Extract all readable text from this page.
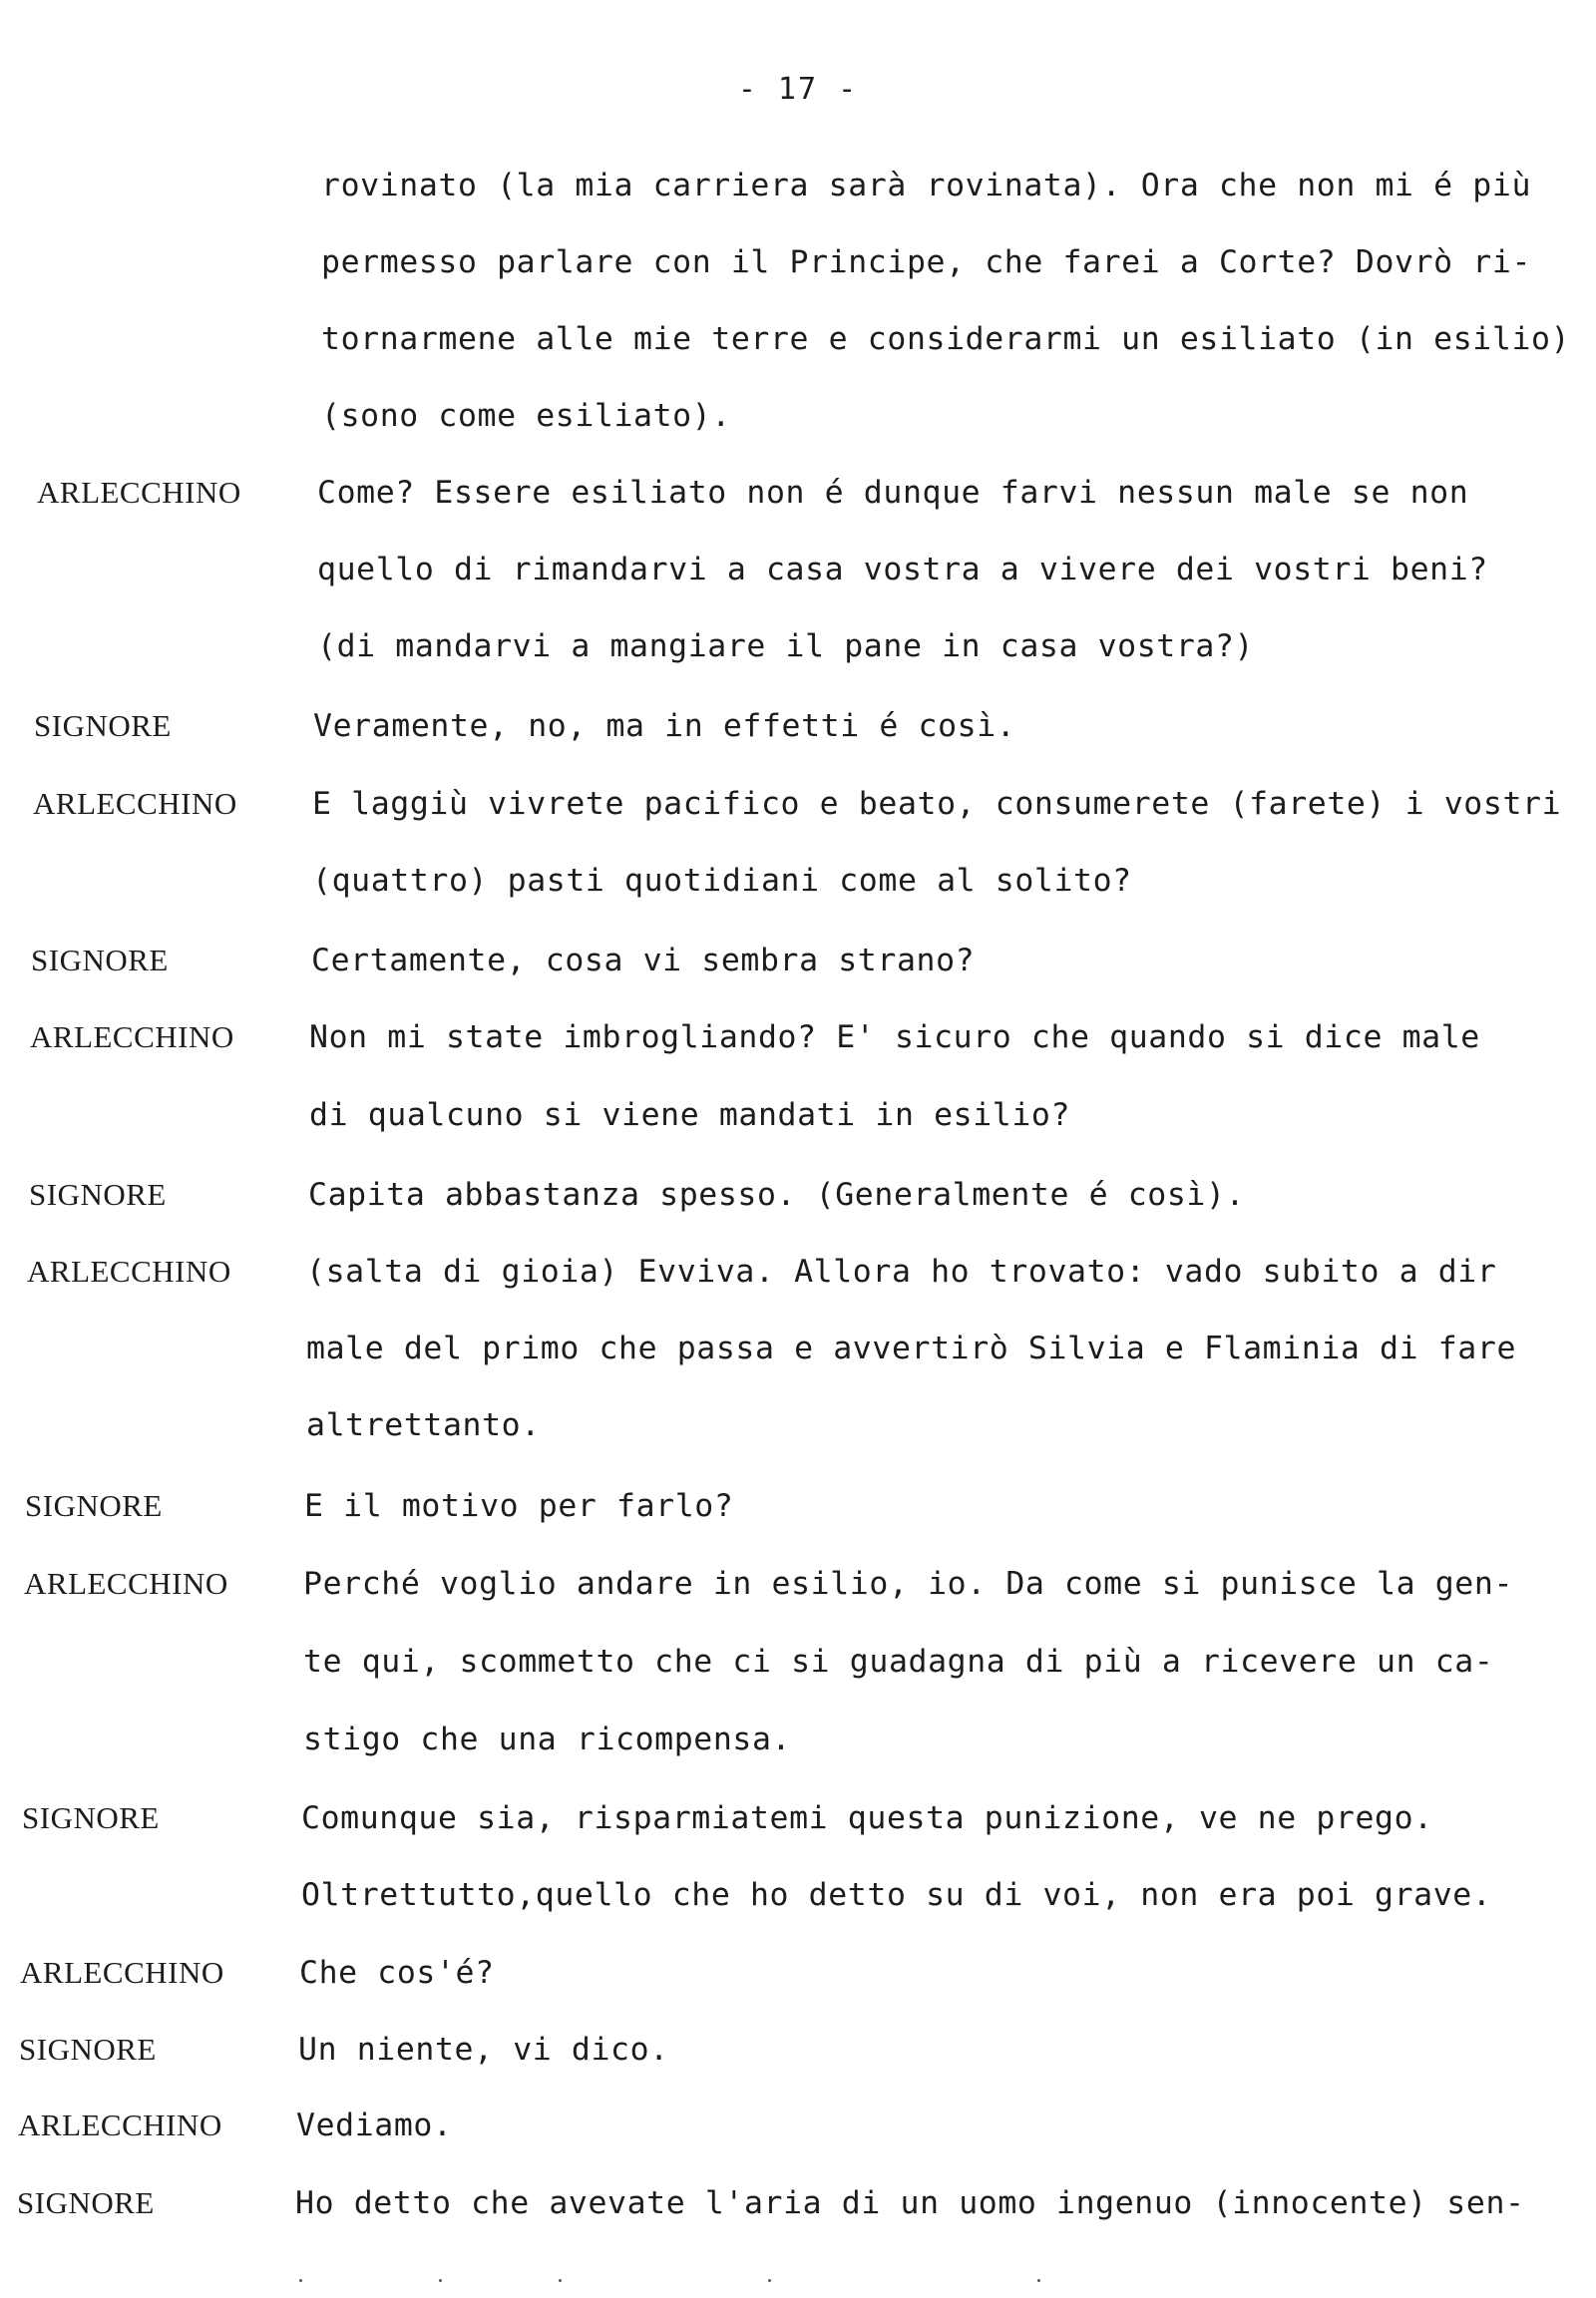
- 17 -
rovinato (la mia carriera sarà rovinata). Ora che non mi é più
permesso parlare con il Principe, che farei a Corte? Dovrò ri-
tornarmene alle mie terre e considerarmi un esiliato (in esilio)
(sono come esiliato).
ARLECCHINO Come? Essere esiliato non é dunque farvi nessun male se non
quello di rimandarvi a casa vostra a vivere dei vostri beni?
(di mandarvi a mangiare il pane in casa vostra?)
SIGNORE	Veramente, no, ma in effetti é così.
ARLECCHINO E laggiù vivrete pacifico e beato, consumerete (farete) i vostri
(quattro) pasti quotidiani come al solito?
SIGNORE	Certamente, cosa vi sembra strano?
ARLECCHINO Non mi state imbrogliando? E' sicuro che quando si dice male
di qualcuno si viene mandati in esilio?
SIGNORE	Capita abbastanza spesso. (Generalmente é così).
ARLECCHINO (salta di gioia) Evviva. Allora ho trovato: vado subito a dir
male del primo che passa e avvertirò Silvia e Flaminia di fare
altrettanto.
SIGNORE	E il motivo per farlo?
ARLECCHINO Perché voglio andare in esilio, io. Da come si punisce la gen-
te qui, scommetto che ci si guadagna di più a ricevere un ca-
stigo che una ricompensa.
SIGNORE	Comunque sia, risparmiatemi questa punizione, ve ne prego.
Oltrettutto,quello che ho detto su di voi, non era poi grave.
ARLECCHINO Che cos'é?
SIGNORE	Un niente, vi dico.
ARLECCHINO Vediamo.
SIGNORE	Ho detto che avevate l'aria di un uomo ingenuo (innocente) sen-
